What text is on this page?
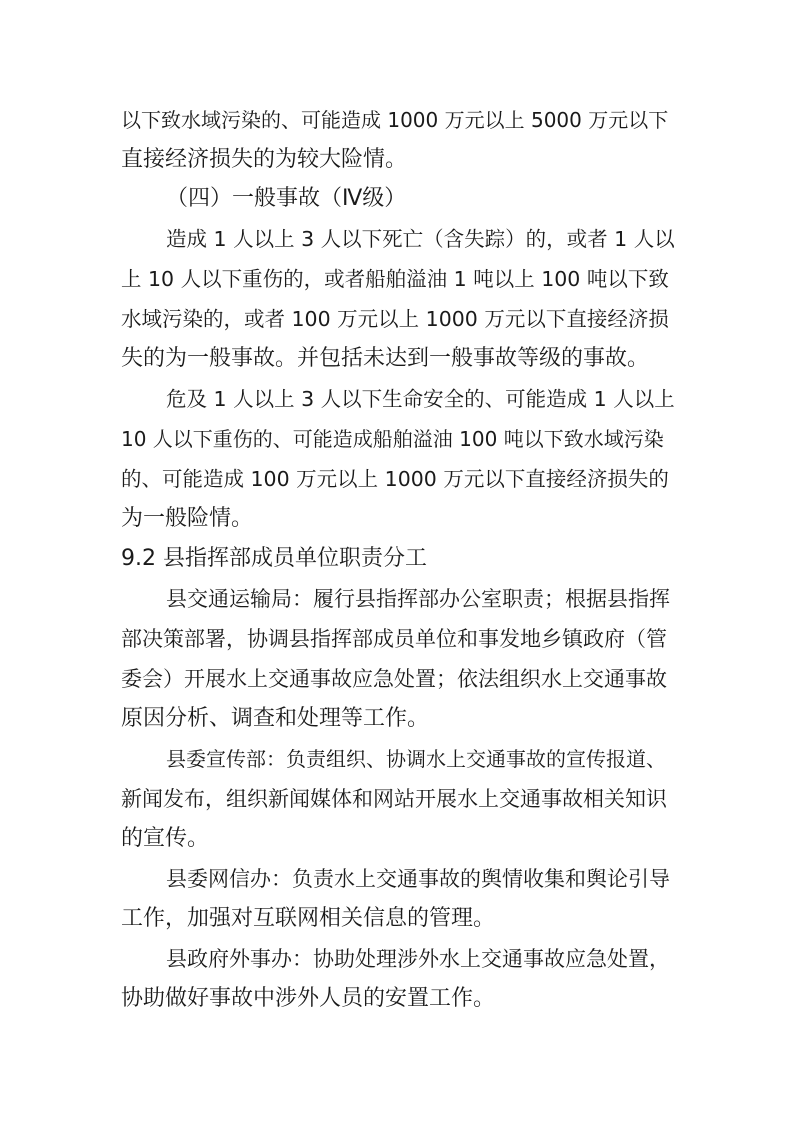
以下致水域污染的、可能造成 1000 万元以上 5000 万元以下
直接经济损失的为较大险情。
（四）一般事故（Ⅳ级）
造成 1 人以上 3 人以下死亡（含失踪）的，或者 1 人以
上 10 人以下重伤的，或者船舶溢油 1 吨以上 100 吨以下致
水域污染的，或者 100 万元以上 1000 万元以下直接经济损
失的为一般事故。并包括未达到一般事故等级的事故。
危及 1 人以上 3 人以下生命安全的、可能造成 1 人以上
10 人以下重伤的、可能造成船舶溢油 100 吨以下致水域污染
的、可能造成 100 万元以上 1000 万元以下直接经济损失的
为一般险情。
9.2 县指挥部成员单位职责分工
县交通运输局：履行县指挥部办公室职责；根据县指挥
部决策部署，协调县指挥部成员单位和事发地乡镇政府（管
委会）开展水上交通事故应急处置；依法组织水上交通事故
原因分析、调查和处理等工作。
县委宣传部：负责组织、协调水上交通事故的宣传报道、
新闻发布，组织新闻媒体和网站开展水上交通事故相关知识
的宣传。
县委网信办：负责水上交通事故的舆情收集和舆论引导
工作，加强对互联网相关信息的管理。
县政府外事办：协助处理涉外水上交通事故应急处置，
协助做好事故中涉外人员的安置工作。
